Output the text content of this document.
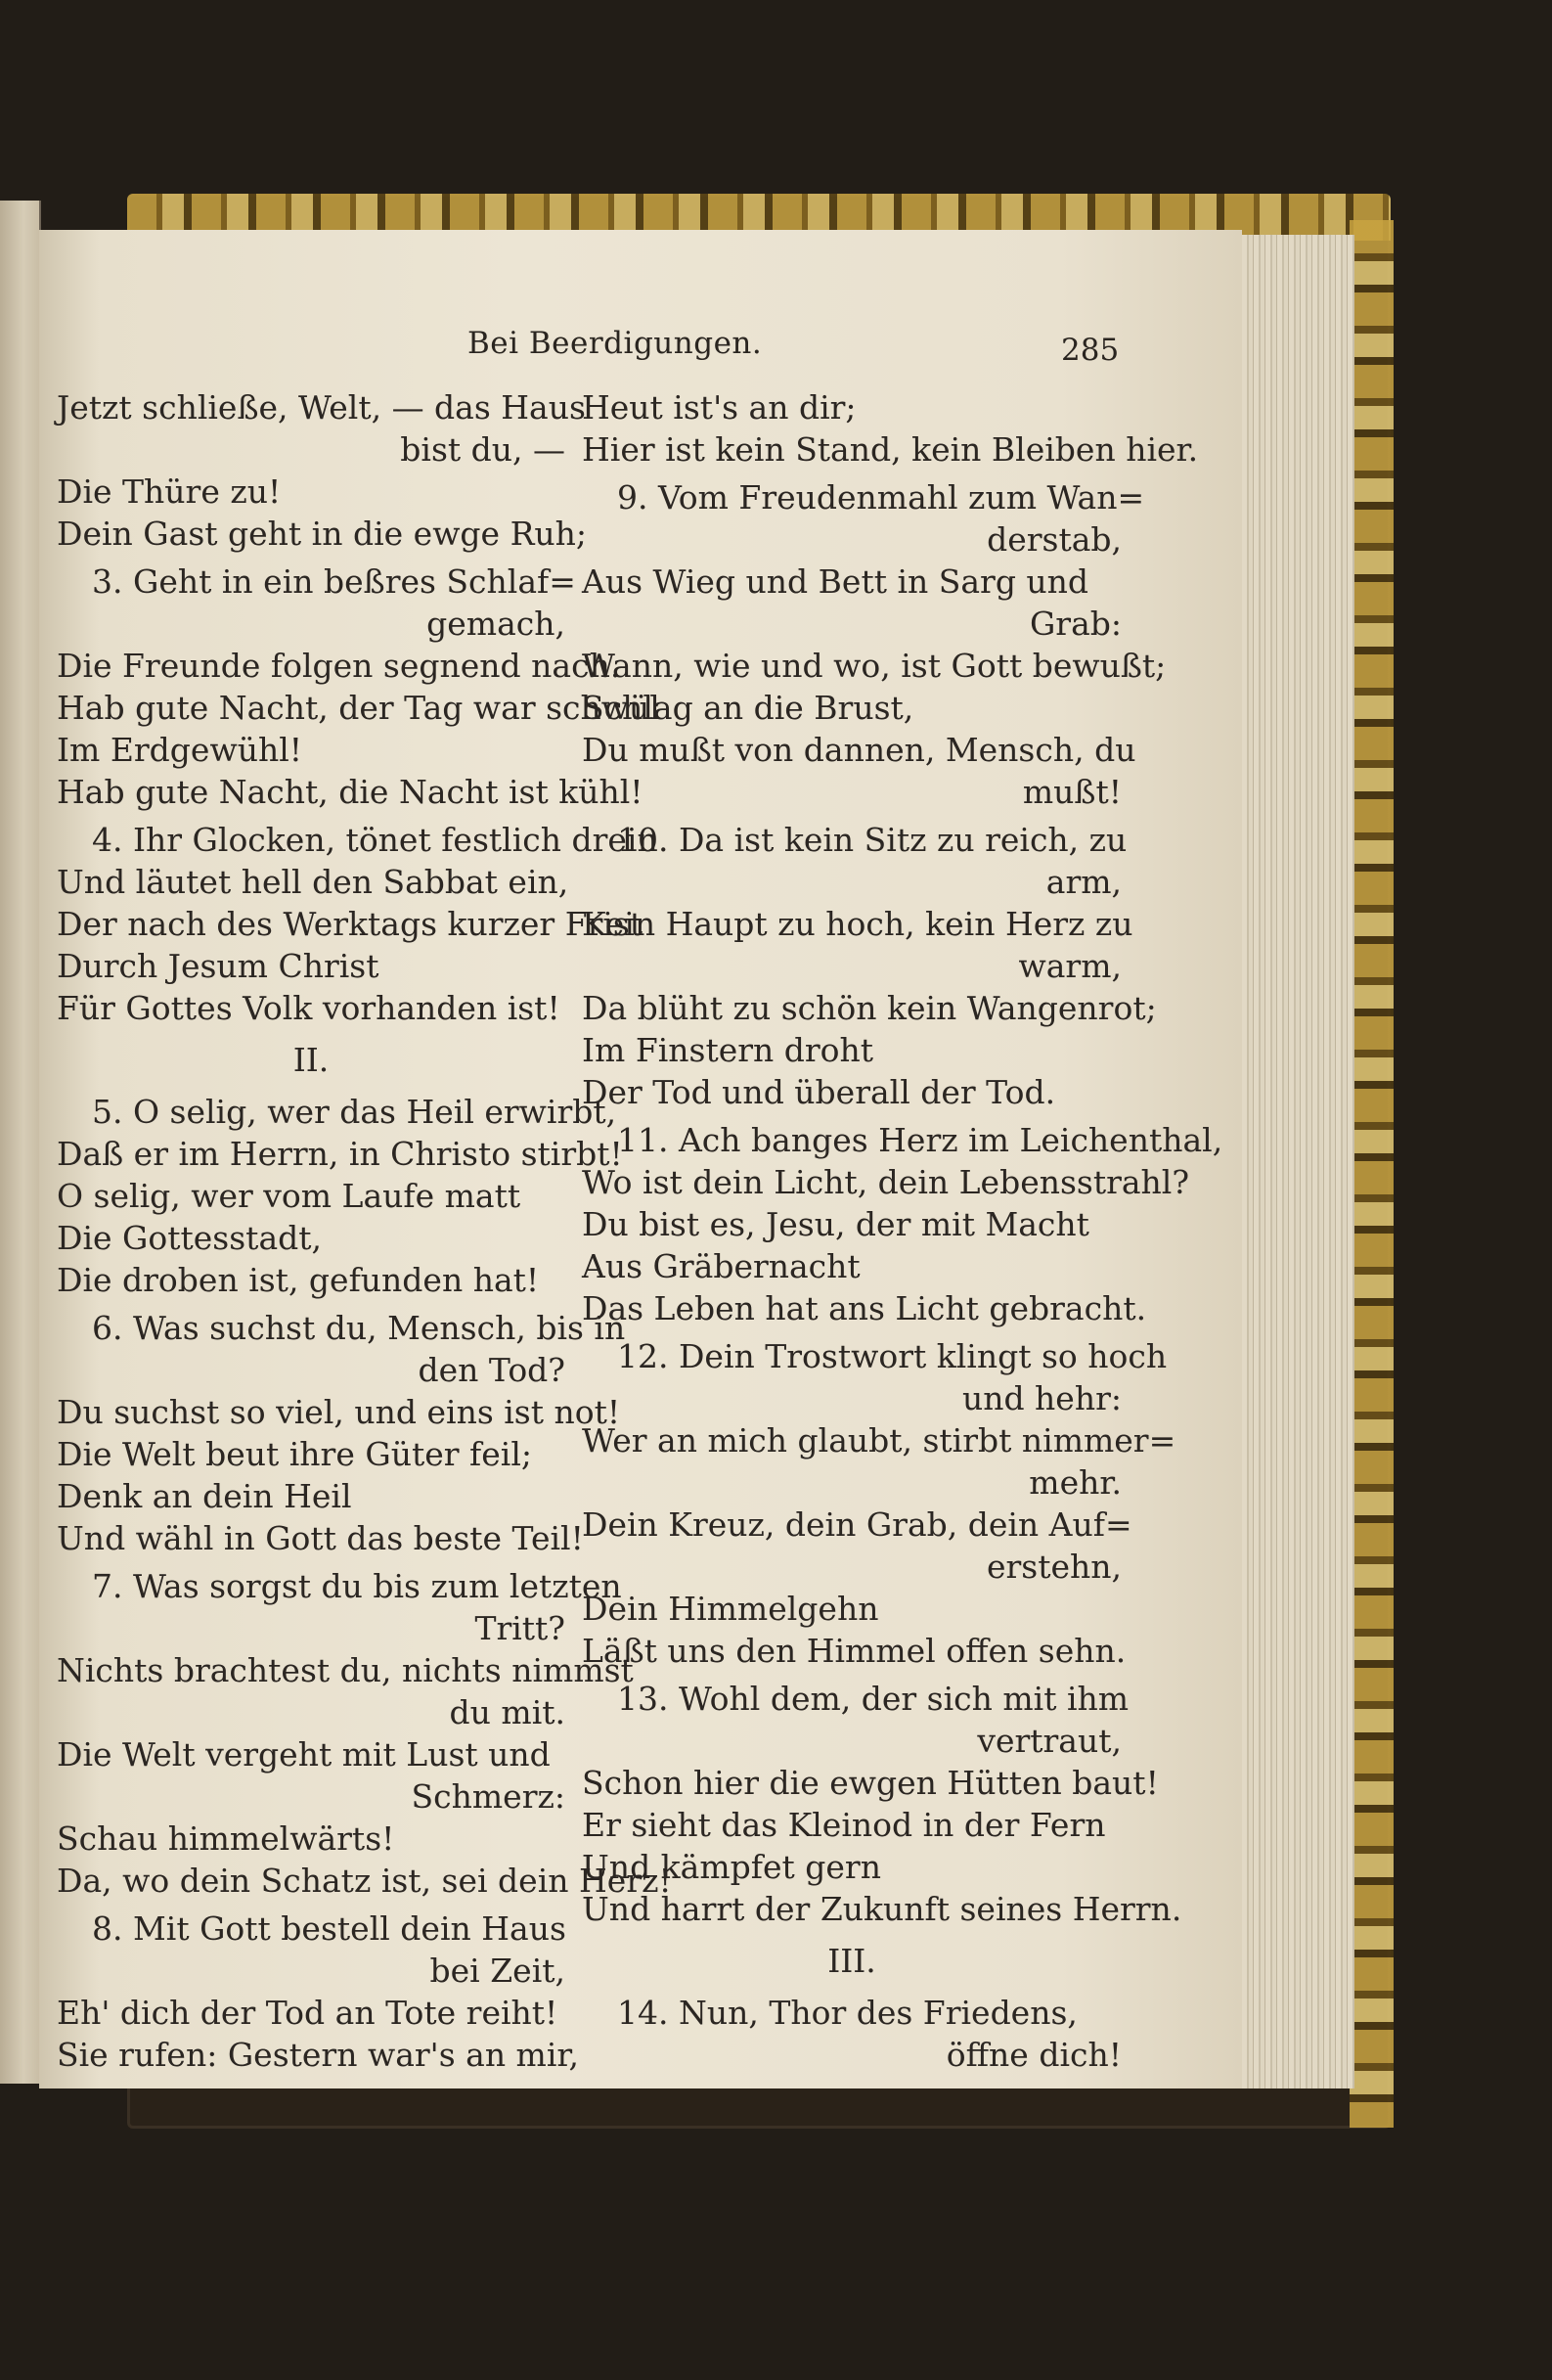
Bei Beerdigungen.	285
Jetzt schließe, Welt, — das Haus
bist du, —
Die Thüre zu!
Dein Gast geht in die ewge Ruh;
3. Geht in ein beßres Schlaf=
gemach,
Die Freunde folgen segnend nach.
Hab gute Nacht, der Tag war schwül
Im Erdgewühl!
Hab gute Nacht, die Nacht ist kühl!
4. Ihr Glocken, tönet festlich drein
Und läutet hell den Sabbat ein,
Der nach des Werktags kurzer Frist
Durch Jesum Christ
Für Gottes Volk vorhanden ist!
II.
5. O selig, wer das Heil erwirbt,
Daß er im Herrn, in Christo stirbt!
O selig, wer vom Laufe matt
Die Gottesstadt,
Die droben ist, gefunden hat!
6. Was suchst du, Mensch, bis in
den Tod?
Du suchst so viel, und eins ist not!
Die Welt beut ihre Güter feil;
Denk an dein Heil
Und wähl in Gott das beste Teil!
7. Was sorgst du bis zum letzten
Tritt?
Nichts brachtest du, nichts nimmst
du mit.
Die Welt vergeht mit Lust und
Schmerz:
Schau himmelwärts!
Da, wo dein Schatz ist, sei dein Herz!
8. Mit Gott bestell dein Haus
bei Zeit,
Eh' dich der Tod an Tote reiht!
Sie rufen: Gestern war's an mir,
Heut ist's an dir;
Hier ist kein Stand, kein Bleiben hier.
9. Vom Freudenmahl zum Wan=
derstab,
Aus Wieg und Bett in Sarg und
Grab:
Wann, wie und wo, ist Gott bewußt;
Schlag an die Brust,
Du mußt von dannen, Mensch, du
mußt!
10. Da ist kein Sitz zu reich, zu
arm,
Kein Haupt zu hoch, kein Herz zu
warm,
Da blüht zu schön kein Wangenrot;
Im Finstern droht
Der Tod und überall der Tod.
11. Ach banges Herz im Leichenthal,
Wo ist dein Licht, dein Lebensstrahl?
Du bist es, Jesu, der mit Macht
Aus Gräbernacht
Das Leben hat ans Licht gebracht.
12. Dein Trostwort klingt so hoch
und hehr:
Wer an mich glaubt, stirbt nimmer=
mehr.
Dein Kreuz, dein Grab, dein Auf=
erstehn,
Dein Himmelgehn
Läßt uns den Himmel offen sehn.
13. Wohl dem, der sich mit ihm
vertraut,
Schon hier die ewgen Hütten baut!
Er sieht das Kleinod in der Fern
Und kämpfet gern
Und harrt der Zukunft seines Herrn.
III.
14. Nun, Thor des Friedens,
öffne dich!
